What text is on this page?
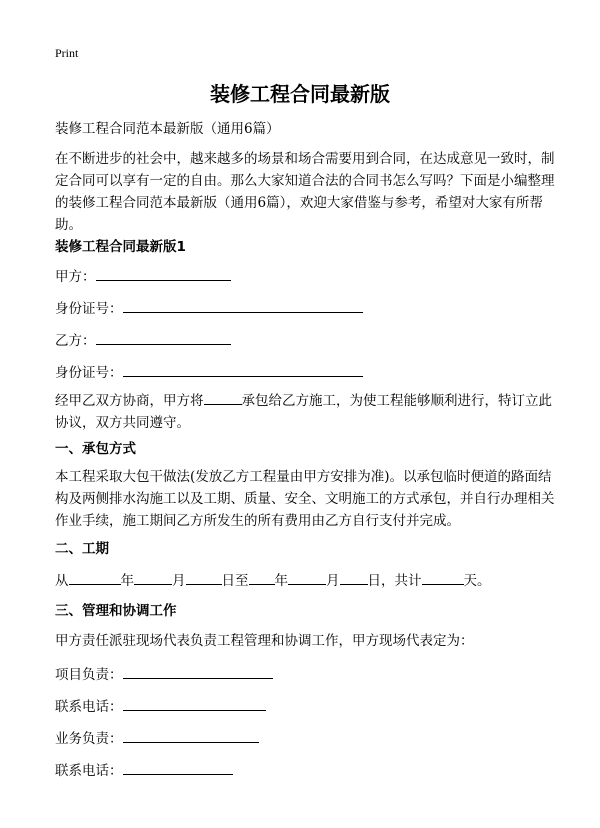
Print
装修工程合同最新版
装修工程合同范本最新版（通用6篇）
在不断进步的社会中，越来越多的场景和场合需要用到合同，在达成意见一致时，制定合同可以享有一定的自由。那么大家知道合法的合同书怎么写吗？下面是小编整理的装修工程合同范本最新版（通用6篇），欢迎大家借鉴与参考，希望对大家有所帮助。
装修工程合同最新版1
甲方：
身份证号：
乙方：
身份证号：
经甲乙双方协商，甲方将	承包给乙方施工，为使工程能够顺利进行，特订立此协议，双方共同遵守。
一、承包方式
本工程采取大包干做法(发放乙方工程量由甲方安排为准)。以承包临时便道的路面结构及两侧排水沟施工以及工期、质量、安全、文明施工的方式承包，并自行办理相关作业手续，施工期间乙方所发生的所有费用由乙方自行支付并完成。
二、工期
从	年	月	日至 年	月 日，共计	天。
三、管理和协调工作
甲方责任派驻现场代表负责工程管理和协调工作，甲方现场代表定为：
项目负责：
联系电话：
业务负责：
联系电话：
